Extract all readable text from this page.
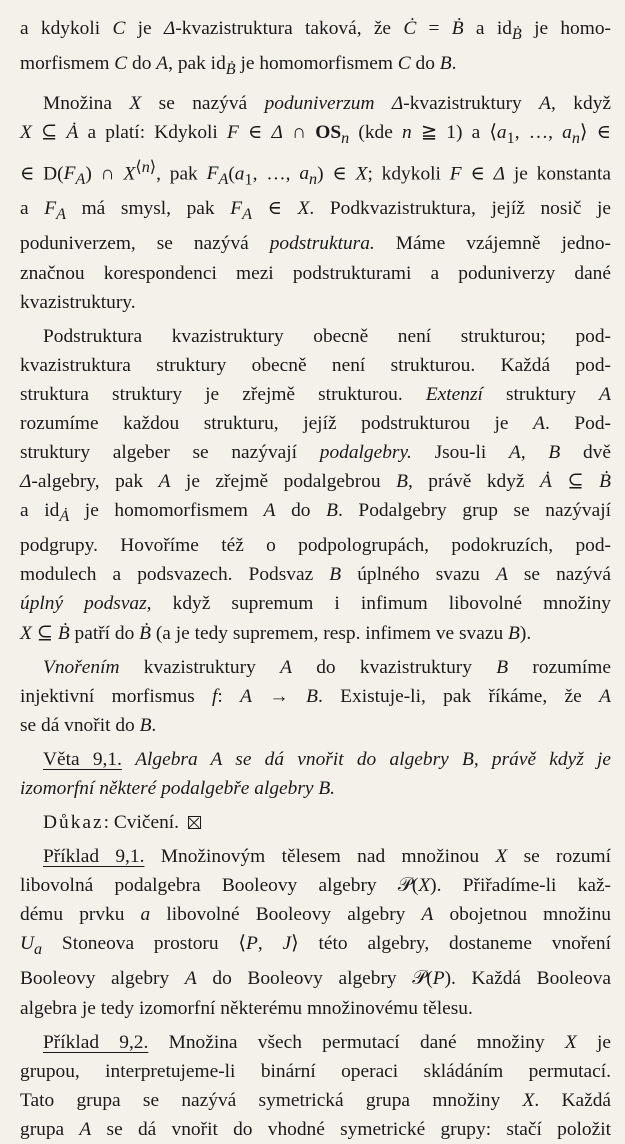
a kdykoli C je Δ-kvazistruktura taková, že Ċ = Ḃ a $id_Ḃ$ je homo-
morfismem C do A, pak $id_Ḃ$ je homomorfismem C do B.

Množina X se nazývá poduniverzum Δ-kvazistruktury A, když
X ⊆ Ȧ a platí: Kdykoli F ∈ Δ ∩ $OS_n$ (kde n ≧ 1) a $⟨a_1$, …, $a_n⟩$ ∈
∈ $D(F_A)$ ∩ $X^{⟨n⟩}$, pak $F_A(a_1$, …, $a_n$) ∈ X; kdykoli F ∈ Δ je konstanta
a $F_A$ má smysl, pak $F_A$ ∈ X. Podkvazistruktura, jejíž nosič je
poduniverzem, se nazývá podstruktura. Máme vzájemně jedno-
značnou korespondenci mezi podstrukturami a poduniverzy dané
kvazistruktury.

Podstruktura kvazistruktury obecně není strukturou; pod-
kvazistruktura struktury obecně není strukturou. Každá pod-
struktura struktury je zřejmě strukturou. Extenzí struktury A
rozumíme každou strukturu, jejíž podstrukturou je A. Pod-
struktury algeber se nazývají podalgebry. Jsou-li A, B dvě
Δ-algebry, pak A je zřejmě podalgebrou B, právě když Ȧ ⊆ Ḃ
a $id_Ȧ$ je homomorfismem A do B. Podalgebry grup se nazývají
podgrupy. Hovoříme též o podpologrupách, podokruzích, pod-
modulech a podsvazech. Podsvaz B úplného svazu A se nazývá
úplný podsvaz, když supremum i infimum libovolné množiny
X ⊆ Ḃ patří do Ḃ (a je tedy supremem, resp. infimem ve svazu B).

Vnořením kvazistruktury A do kvazistruktury B rozumíme
injektivní morfismus f: A → B. Existuje-li, pak říkáme, že A
se dá vnořit do B.

Věta 9,1. Algebra A se dá vnořit do algebry B, právě když je
izomorfní některé podalgebře algebry B.

Důkaz: Cvičení.

Příklad 9,1. Množinovým tělesem nad množinou X se rozumí
libovolná podalgebra Booleovy algebry 𝒫(X). Přiřadíme-li kaž-
dému prvku a libovolné Booleovy algebry A obojetnou množinu
$U_a$ Stoneova prostoru ⟨P, J⟩ této algebry, dostaneme vnoření
Booleovy algebry A do Booleovy algebry 𝒫(P). Každá Booleova
algebra je tedy izomorfní některému množinovému tělesu.

Příklad 9,2. Množina všech permutací dané množiny X je
grupou, interpretujeme-li binární operaci skládáním permutací.
Tato grupa se nazývá symetrická grupa množiny X. Každá
grupa A se dá vnořit do vhodné symetrické grupy: stačí položit
